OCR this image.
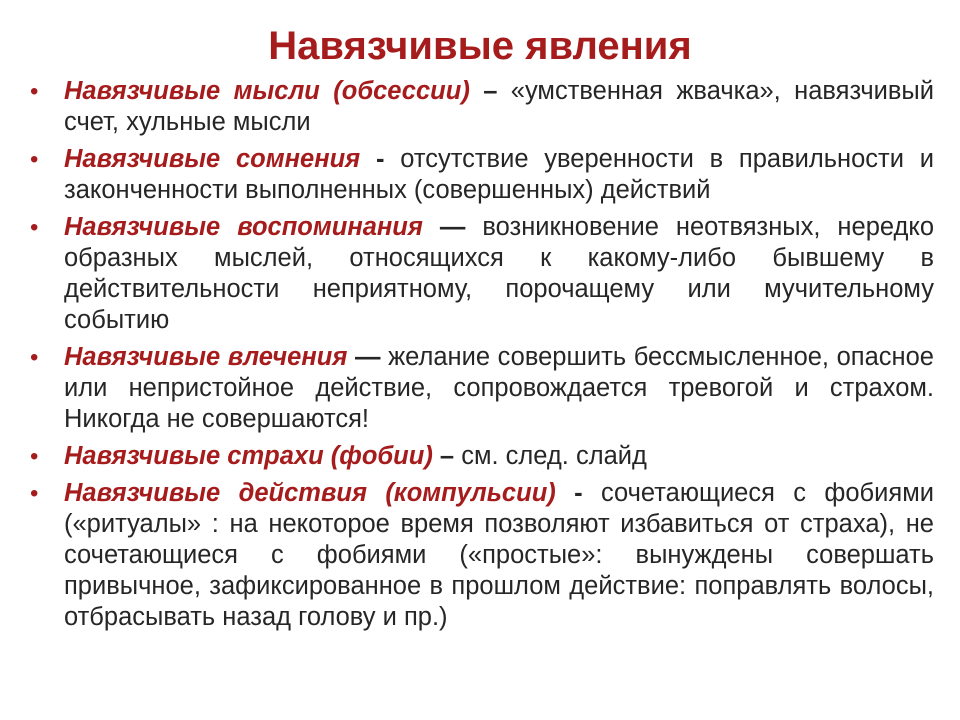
Навязчивые явления
•	Навязчивые мысли (обсессии) – «умственная жвачка», навязчивый счет, хульные мысли
•	Навязчивые сомнения - отсутствие уверенности в правильности и законченности выполненных (совершенных) действий
•	Навязчивые воспоминания — возникновение неотвязных, нередко образных мыслей, относящихся к какому-либо бывшему в действительности неприятному, порочащему или мучительному событию
•	Навязчивые влечения — желание совершить бессмысленное, опасное или непристойное действие, сопровождается тревогой и страхом. Никогда не совершаются!
•	Навязчивые страхи (фобии) – см. след. слайд
•	Навязчивые действия (компульсии) - сочетающиеся с фобиями («ритуалы» : на некоторое время позволяют избавиться от страха), не сочетающиеся с фобиями («простые»: вынуждены совершать привычное, зафиксированное в прошлом действие: поправлять волосы, отбрасывать назад голову и пр.)
